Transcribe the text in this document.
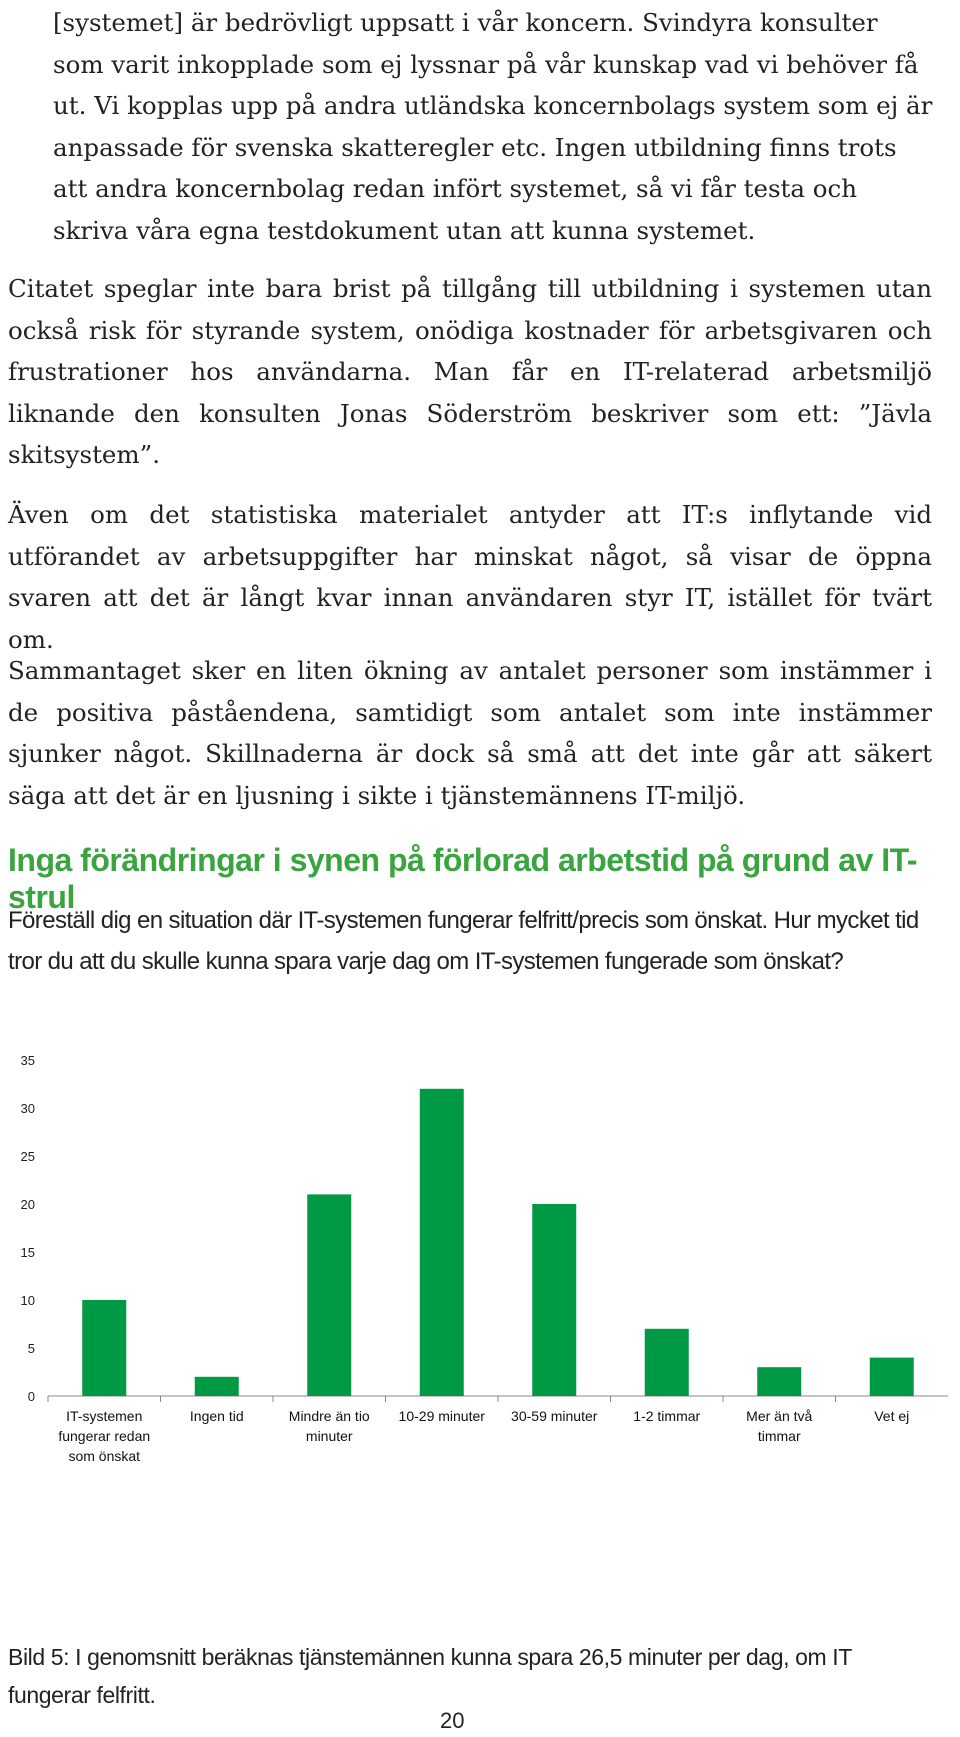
[systemet] är bedrövligt uppsatt i vår koncern. Svindyra konsulter som varit inkopplade som ej lyssnar på vår kunskap vad vi behöver få ut. Vi kopplas upp på andra utländska koncernbolags system som ej är anpassade för svenska skatteregler etc. Ingen utbildning finns trots att andra koncernbolag redan infört systemet, så vi får testa och skriva våra egna testdokument utan att kunna systemet.

Citatet speglar inte bara brist på tillgång till utbildning i systemen utan också risk för styrande system, onödiga kostnader för arbetsgivaren och frustrationer hos användarna. Man får en IT-relaterad arbetsmiljö liknande den konsulten Jonas Söderström beskriver som ett: ”Jävla skitsystem”.

Även om det statistiska materialet antyder att IT:s inflytande vid utförandet av arbetsuppgifter har minskat något, så visar de öppna svaren att det är långt kvar innan användaren styr IT, istället för tvärt om.

Sammantaget sker en liten ökning av antalet personer som instämmer i de positiva påståendena, samtidigt som antalet som inte instämmer sjunker något. Skillnaderna är dock så små att det inte går att säkert säga att det är en ljusning i sikte i tjänstemännens IT-miljö.

Inga förändringar i synen på förlorad arbetstid på grund av IT-strul

Föreställ dig en situation där IT-systemen fungerar felfritt/precis som önskat. Hur mycket tid tror du att du skulle kunna spara varje dag om IT-systemen fungerade som önskat?

0
5
10
15
20
25
30
35
IT-systemen fungerar redan som önskat
Ingen tid	Mindre än tio minuter
10-29 minuter	30-59 minuter	1-2 timmar	Mer än två timmar
Vet ej

Bild 5: I genomsnitt beräknas tjänstemännen kunna spara 26,5 minuter per dag, om IT fungerar felfritt.

20
